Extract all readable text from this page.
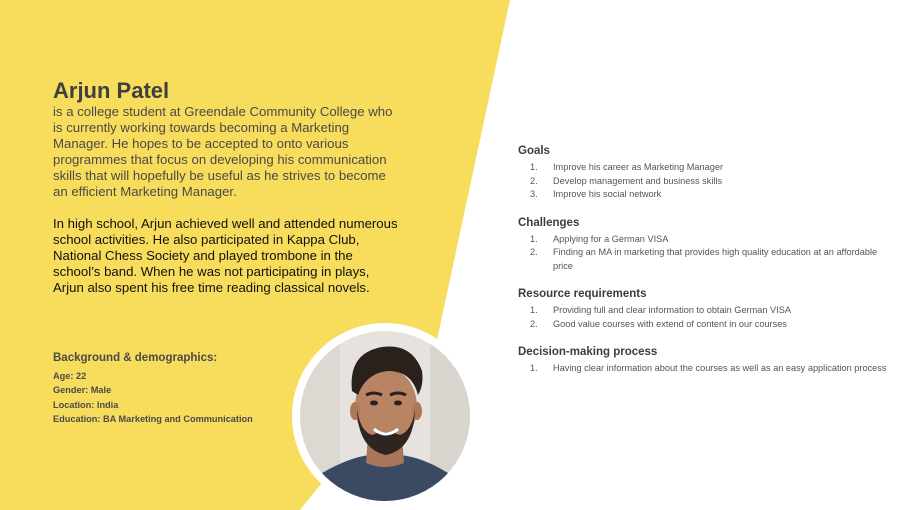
Arjun Patel

is a college student at Greendale Community College who is currently working towards becoming a Marketing Manager. He hopes to be accepted to onto various programmes that focus on developing his communication skills that will hopefully be useful as he strives to become an efficient Marketing Manager.

In high school, Arjun achieved well and attended numerous school activities. He also participated in Kappa Club, National Chess Society and played trombone in the school’s band. When he was not participating in plays, Arjun also spent his free time reading classical novels.

Background & demographics:

Age: 22

Gender: Male

Location: India

Education: BA Marketing and Communication

Goals

1. Improve his career as Marketing Manager
2. Develop management and business skills
3. Improve his social network

Challenges

1. Applying for a German VISA
2. Finding an MA in marketing that provides high quality education at an affordable price

Resource requirements

1. Providing full and clear information to obtain German VISA
2. Good value courses with extend of content in our courses

Decision-making process

1. Having clear information about the courses as well as an easy application process
